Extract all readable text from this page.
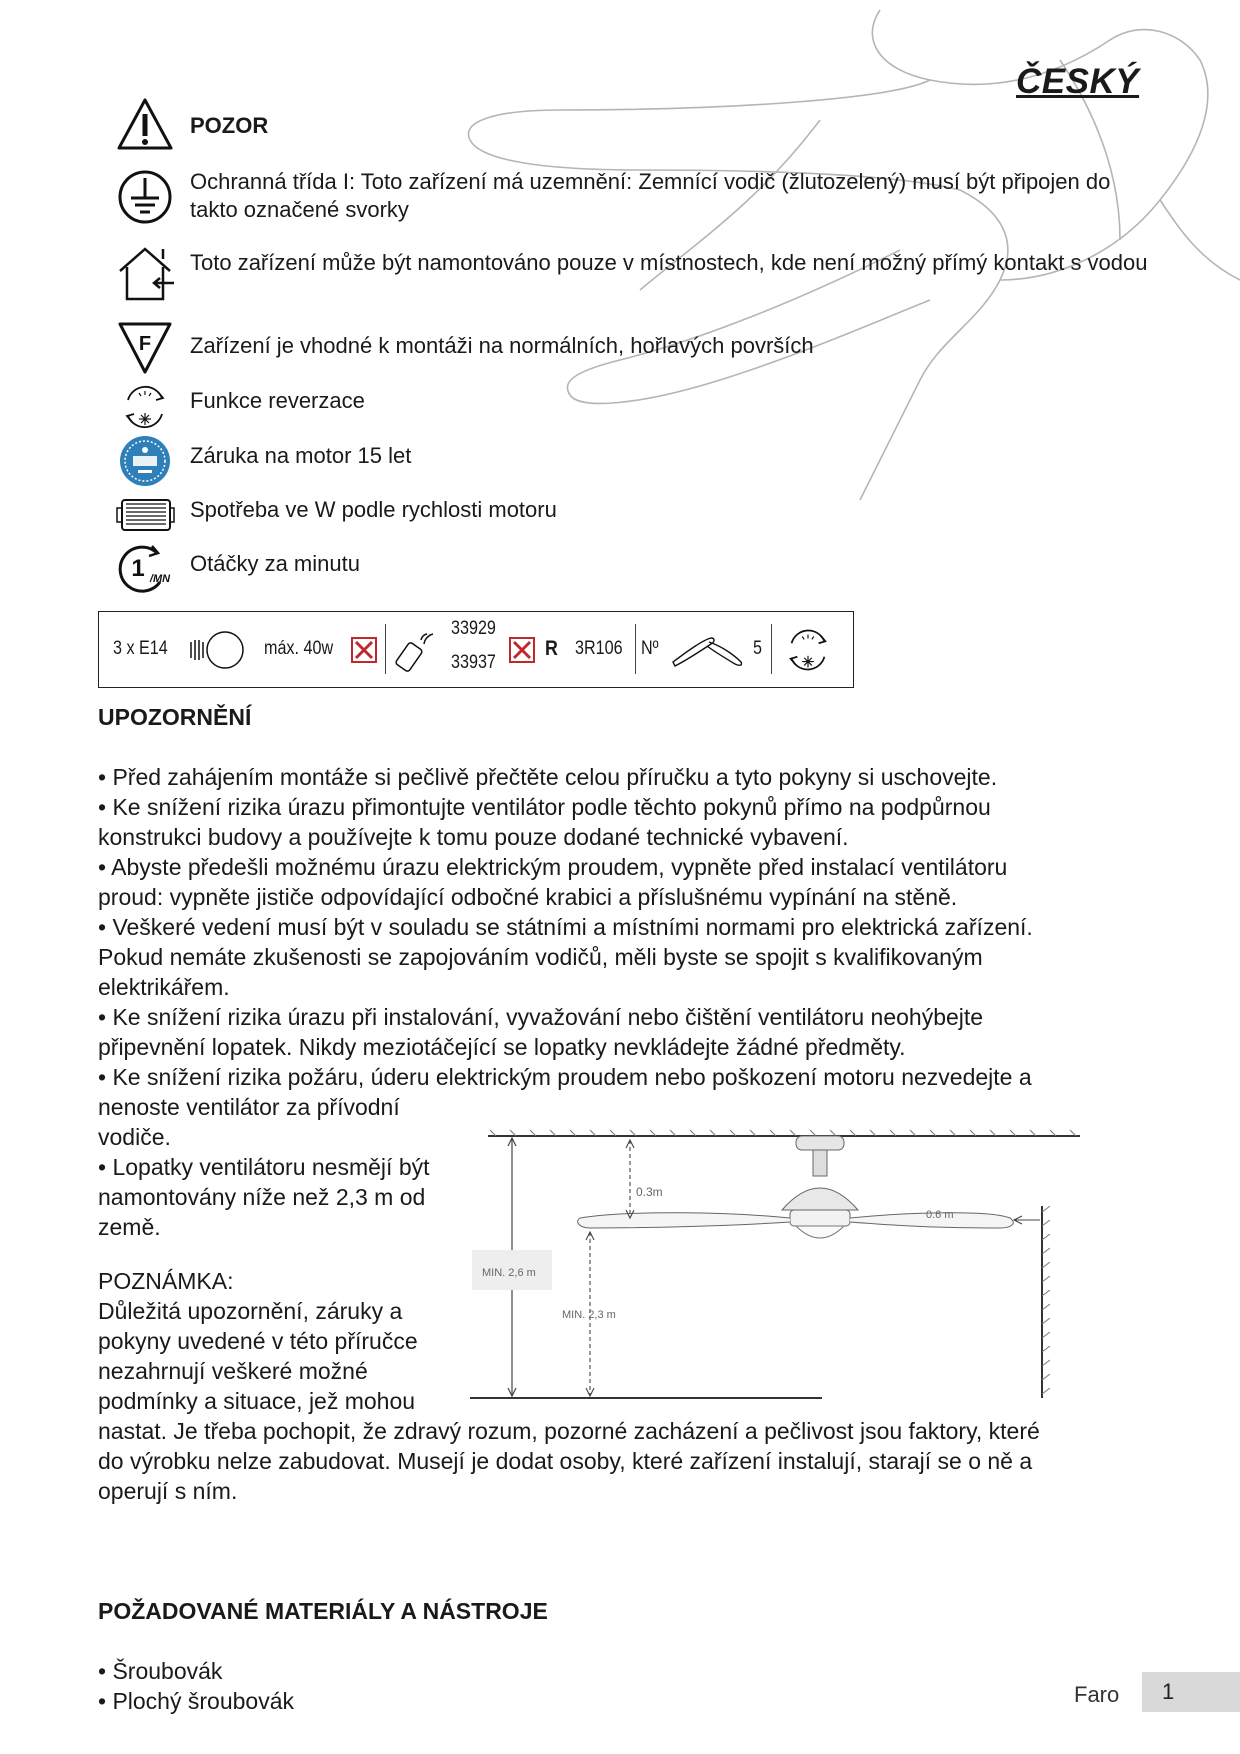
ČESKÝ
POZOR
Ochranná třída I: Toto zařízení má uzemnění: Zemnící vodič (žlutozelený) musí být připojen do takto označené svorky
Toto zařízení může být namontováno pouze v místnostech, kde není možný přímý kontakt s vodou
F Zařízení je vhodné k montáži na normálních, hořlavých površích
Funkce reverzace
Záruka na motor 15 let
Spotřeba ve W podle rychlosti motoru
1 /MN
Otáčky za minutu
3 x E14	máx. 40w
33929
33937
R 3R106 Nº	5
UPOZORNĚNÍ
• Před zahájením montáže si pečlivě přečtěte celou příručku a tyto pokyny si uschovejte.
• Ke snížení rizika úrazu přimontujte ventilátor podle těchto pokynů přímo na podpůrnou
konstrukci budovy a používejte k tomu pouze dodané technické vybavení.
• Abyste předešli možnému úrazu elektrickým proudem, vypněte před instalací ventilátoru
proud: vypněte jističe odpovídající odbočné krabici a příslušnému vypínání na stěně.
• Veškeré vedení musí být v souladu se státními a místními normami pro elektrická zařízení.
Pokud nemáte zkušenosti se zapojováním vodičů, měli byste se spojit s kvalifikovaným
elektrikářem.
• Ke snížení rizika úrazu při instalování, vyvažování nebo čištění ventilátoru neohýbejte
připevnění lopatek. Nikdy meziotáčející se lopatky nevkládejte žádné předměty.
• Ke snížení rizika požáru, úderu elektrickým proudem nebo poškození motoru nezvedejte a
nenoste ventilátor za přívodní
vodiče.
• Lopatky ventilátoru nesmějí být
namontovány níže než 2,3 m od
země.
POZNÁMKA:
Důležitá upozornění, záruky a
pokyny uvedené v této příručce
nezahrnují veškeré možné
podmínky a situace, jež mohou
nastat. Je třeba pochopit, že zdravý rozum, pozorné zacházení a pečlivost jsou faktory, které
do výrobku nelze zabudovat. Musejí je dodat osoby, které zařízení instalují, starají se o ně a
operují s ním.
MIN. 2,6 m
0.3m
0.6 m
MIN. 2,3 m
POŽADOVANÉ MATERIÁLY A NÁSTROJE
• Šroubovák
• Plochý šroubovák	Faro	1
